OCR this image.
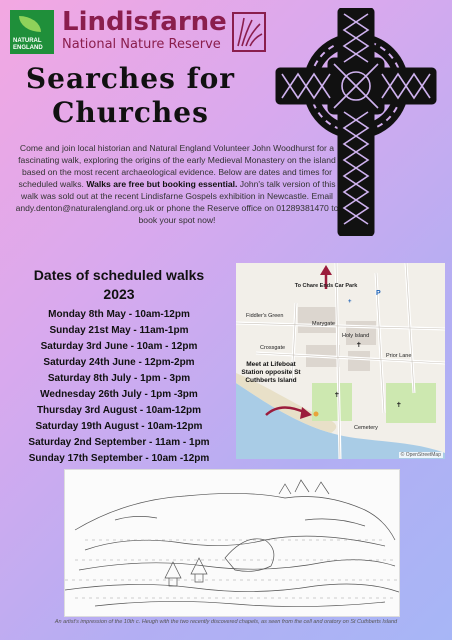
NATURAL ENGLAND
Lindisfarne
National Nature Reserve
Searches for
Churches
Come and join local historian and Natural England Volunteer John Woodhurst for a fascinating walk, exploring the origins of the early Medieval Monastery on the island based on the most recent archaeological evidence. Below are dates and times for scheduled walks. Walks are free but booking essential. John's talk version of this walk was sold out at the recent Lindisfarne Gospels exhibition in Newcastle. Email andy.denton@naturalengland.org.uk or phone the Reserve office on 01289381470 to book your spot now!
Dates of scheduled walks
2023
Monday 8th May - 10am-12pm
Sunday 21st May - 11am-1pm
Saturday 3rd June - 10am - 12pm
Saturday 24th June - 12pm-2pm
Saturday 8th July - 1pm - 3pm
Wednesday 26th July - 1pm -3pm
Thursday 3rd August - 10am-12pm
Saturday 19th August - 10am-12pm
Saturday 2nd September - 11am - 1pm
Sunday 17th September - 10am -12pm
+
P
✝
✝
✝
To Chare Ends Car Park
Marygate
Holy Island
Fiddler's Green
Crossgate
Prior Lane
Cemetery
Meet at Lifeboat Station opposite St Cuthberts Island
© OpenStreetMap
An artist's impression of the 10th c. Heugh with the two recently discovered chapels, as seen from the cell and oratory on St Cuthberts Island
